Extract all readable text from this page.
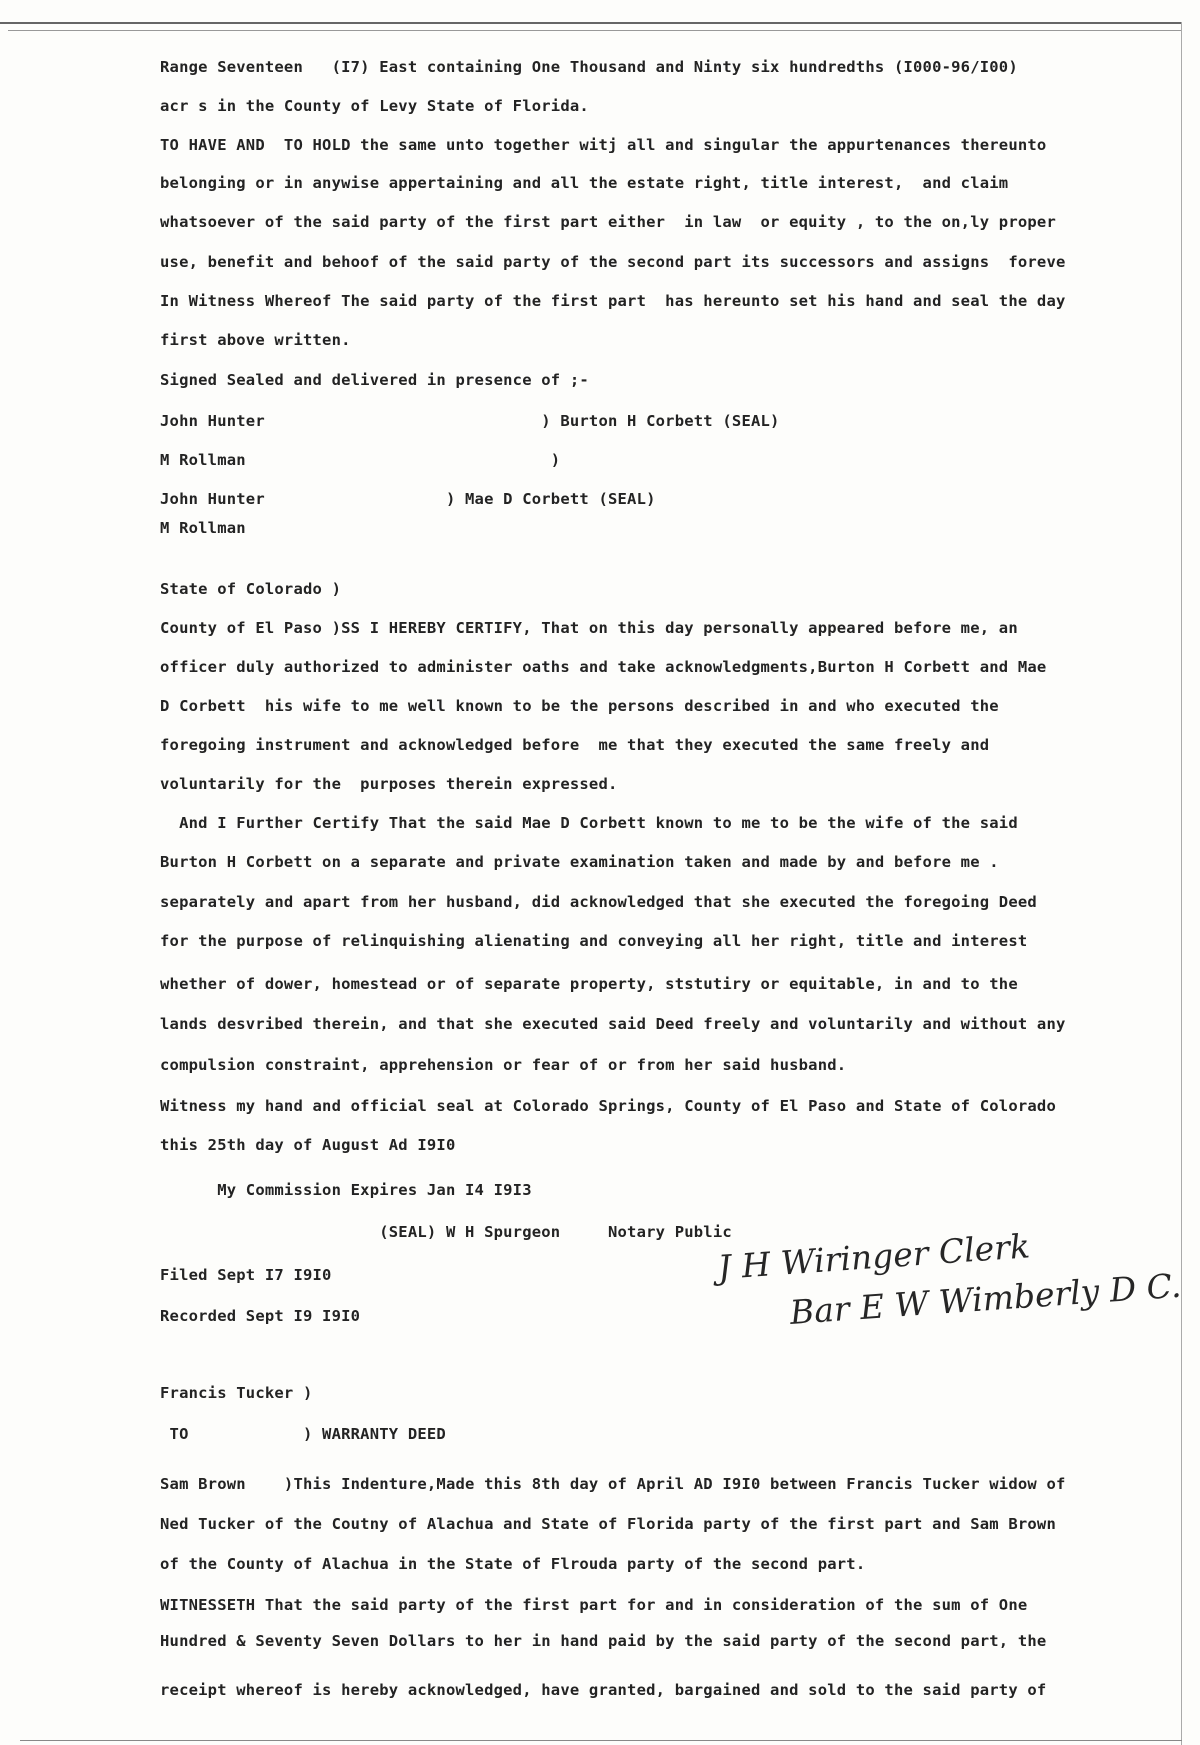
Range Seventeen   (I7) East containing One Thousand and Ninty six hundredths (I000-96/I00)
acr s in the County of Levy State of Florida.
TO HAVE AND  TO HOLD the same unto together witj all and singular the appurtenances thereunto
belonging or in anywise appertaining and all the estate right, title interest,  and claim
whatsoever of the said party of the first part either  in law  or equity , to the on,ly proper
use, benefit and behoof of the said party of the second part its successors and assigns  foreve
In Witness Whereof The said party of the first part  has hereunto set his hand and seal the day
first above written.
Signed Sealed and delivered in presence of ;-
John Hunter                             ) Burton H Corbett (SEAL)
M Rollman                                )
John Hunter                   ) Mae D Corbett (SEAL)
M Rollman
State of Colorado )
County of El Paso )SS I HEREBY CERTIFY, That on this day personally appeared before me, an
officer duly authorized to administer oaths and take acknowledgments,Burton H Corbett and Mae
D Corbett  his wife to me well known to be the persons described in and who executed the
foregoing instrument and acknowledged before  me that they executed the same freely and
voluntarily for the  purposes therein expressed.
And I Further Certify That the said Mae D Corbett known to me to be the wife of the said
Burton H Corbett on a separate and private examination taken and made by and before me .
separately and apart from her husband, did acknowledged that she executed the foregoing Deed
for the purpose of relinquishing alienating and conveying all her right, title and interest
whether of dower, homestead or of separate property, ststutiry or equitable, in and to the
lands desvribed therein, and that she executed said Deed freely and voluntarily and without any
compulsion constraint, apprehension or fear of or from her said husband.
Witness my hand and official seal at Colorado Springs, County of El Paso and State of Colorado
this 25th day of August Ad I9I0
My Commission Expires Jan I4 I9I3
(SEAL) W H Spurgeon     Notary Public
Filed Sept I7 I9I0
Recorded Sept I9 I9I0
J H Wiringer Clerk
Bar E W Wimberly D C.
Francis Tucker )
TO            ) WARRANTY DEED
Sam Brown    )This Indenture,Made this 8th day of April AD I9I0 between Francis Tucker widow of
Ned Tucker of the Coutny of Alachua and State of Florida party of the first part and Sam Brown
of the County of Alachua in the State of Flrouda party of the second part.
WITNESSETH That the said party of the first part for and in consideration of the sum of One
Hundred & Seventy Seven Dollars to her in hand paid by the said party of the second part, the
receipt whereof is hereby acknowledged, have granted, bargained and sold to the said party of
